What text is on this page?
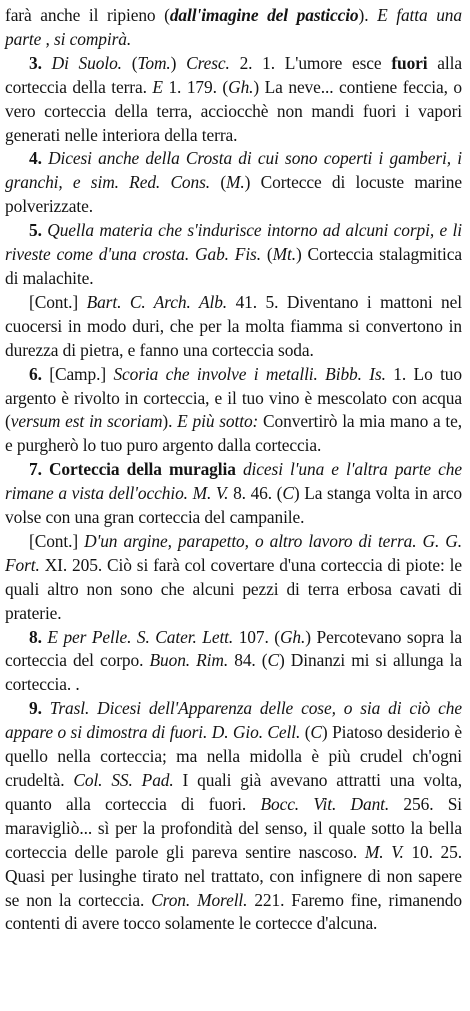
farà anche il ripieno (dall'imagine del pasticcio). E fatta una parte , si compirà.

3. Di Suolo. (Tom.) Cresc. 2. 1. L'umore esce fuori alla corteccia della terra. E 1. 179. (Gh.) La neve... contiene feccia, o vero corteccia della terra, acciocchè non mandi fuori i vapori generati nelle interiora della terra.

4. Dicesi anche della Crosta di cui sono coperti i gamberi, i granchi, e sim. Red. Cons. (M.) Cortecce di locuste marine polverizzate.

5. Quella materia che s'indurisce intorno ad alcuni corpi, e li riveste come d'una crosta. Gab. Fis. (Mt.) Corteccia stalagmitica di malachite.

[Cont.] Bart. C. Arch. Alb. 41. 5. Diventano i mattoni nel cuocersi in modo duri, che per la molta fiamma si convertono in durezza di pietra, e fanno una corteccia soda.

6. [Camp.] Scoria che involve i metalli. Bibb. Is. 1. Lo tuo argento è rivolto in corteccia, e il tuo vino è mescolato con acqua (versum est in scoriam). E più sotto: Convertirò la mia mano a te, e purgherò lo tuo puro argento dalla corteccia.

7. Corteccia della muraglia dicesi l'una e l'altra parte che rimane a vista dell'occhio. M. V. 8. 46. (C) La stanga volta in arco volse con una gran corteccia del campanile.

[Cont.] D'un argine, parapetto, o altro lavoro di terra. G. G. Fort. XI. 205. Ciò si farà col covertare d'una corteccia di piote: le quali altro non sono che alcuni pezzi di terra erbosa cavati di praterie.

8. E per Pelle. S. Cater. Lett. 107. (Gh.) Percotevano sopra la corteccia del corpo. Buon. Rim. 84. (C) Dinanzi mi si allunga la corteccia. .

9. Trasl. Dicesi dell'Apparenza delle cose, o sia di ciò che appare o si dimostra di fuori. D. Gio. Cell. (C) Piatoso desiderio è quello nella corteccia; ma nella midolla è più crudel ch'ogni crudeltà. Col. SS. Pad. I quali già avevano attratti una volta, quanto alla corteccia di fuori. Bocc. Vit. Dant. 256. Si maravigliò... sì per la profondità del senso, il quale sotto la bella corteccia delle parole gli pareva sentire nascoso. M. V. 10. 25. Quasi per lusinghe tirato nel trattato, con infignere di non sapere se non la corteccia. Cron. Morell. 221. Faremo fine, rimanendo contenti di avere tocco solamente le cortecce d'alcuna.
